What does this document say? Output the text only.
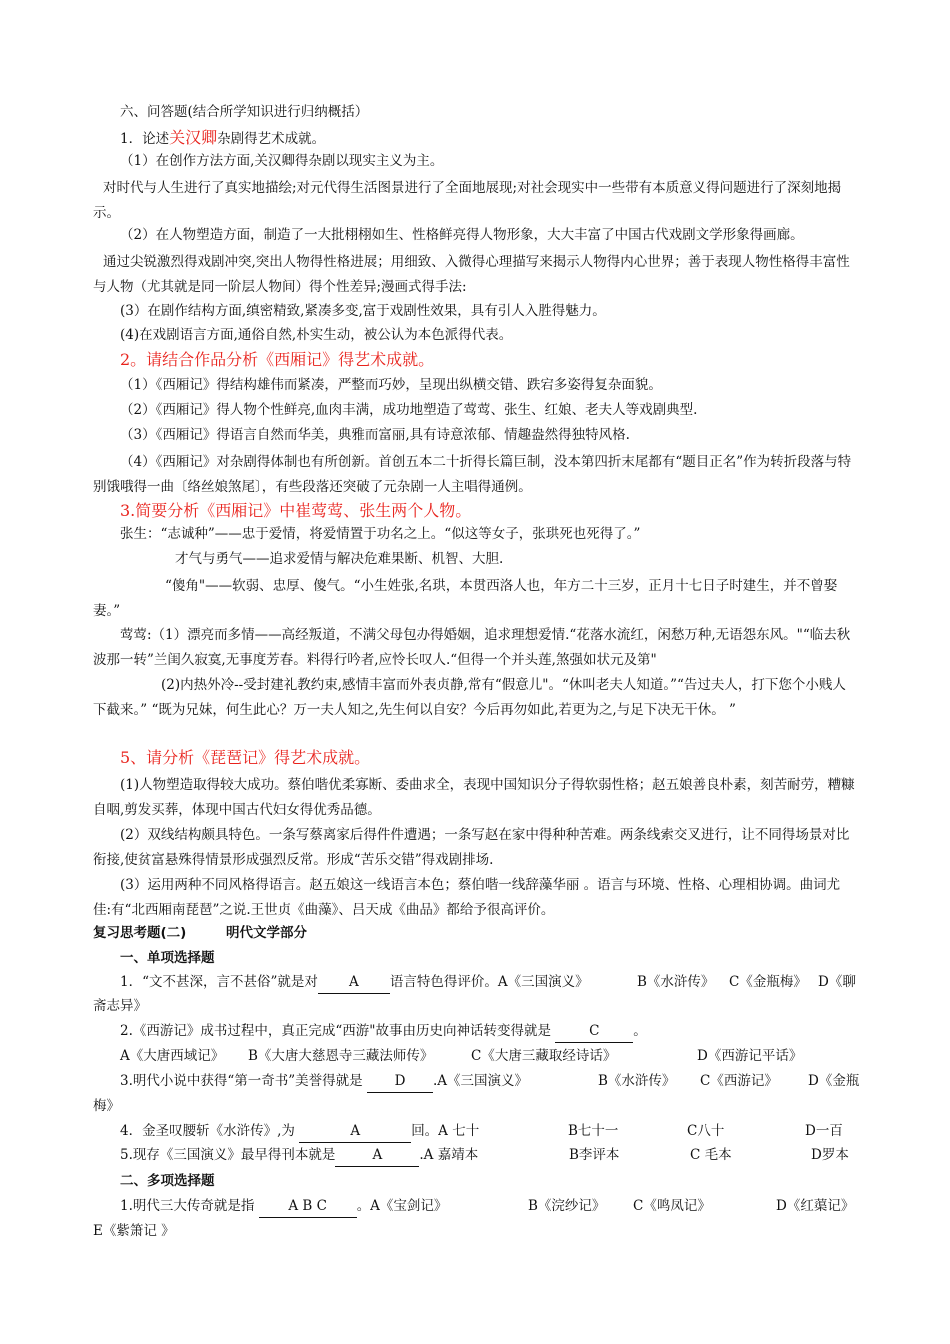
六、问答题(结合所学知识进行归纳概括）
1．论述关汉卿杂剧得艺术成就。
（1）在创作方法方面,关汉卿得杂剧以现实主义为主。
对时代与人生进行了真实地描绘;对元代得生活图景进行了全面地展现;对社会现实中一些带有本质意义得问题进行了深刻地揭示。
（2）在人物塑造方面，制造了一大批栩栩如生、性格鲜亮得人物形象，大大丰富了中国古代戏剧文学形象得画廊。
通过尖锐激烈得戏剧冲突,突出人物得性格进展；用细致、入微得心理描写来揭示人物得内心世界；善于表现人物性格得丰富性与人物（尤其就是同一阶层人物间）得个性差异;漫画式得手法:
(3）在剧作结构方面,缜密精致,紧凑多变,富于戏剧性效果，具有引人入胜得魅力。
(4)在戏剧语言方面,通俗自然,朴实生动，被公认为本色派得代表。
2。请结合作品分析《西厢记》得艺术成就。
（1）《西厢记》得结构雄伟而紧凑，严整而巧妙，呈现出纵横交错、跌宕多姿得复杂面貌。
（2）《西厢记》得人物个性鲜亮,血肉丰满，成功地塑造了莺莺、张生、红娘、老夫人等戏剧典型.
（3）《西厢记》得语言自然而华美，典雅而富丽,具有诗意浓郁、情趣盎然得独特风格.
（4）《西厢记》对杂剧得体制也有所创新。首创五本二十折得长篇巨制，没本第四折末尾都有“题目正名”作为转折段落与特别饿哦得一曲〔络丝娘煞尾〕，有些段落还突破了元杂剧一人主唱得通例。
3.简要分析《西厢记》中崔莺莺、张生两个人物。
张生：“志诚种”——忠于爱情，将爱情置于功名之上。“似这等女子，张珙死也死得了。”
才气与勇气——追求爱情与解决危难果断、机智、大胆.
“傻角"——软弱、忠厚、傻气。“小生姓张,名珙，本贯西洛人也，年方二十三岁，正月十七日子时建生，并不曾娶妻。”
莺莺:（1）漂亮而多情——高经叛道，不满父母包办得婚姻，追求理想爱情.“花落水流红，闲愁万种,无语怨东风。"“临去秋波那一转”兰闺久寂寞,无事度芳春。料得行吟者,应怜长叹人.“但得一个并头莲,煞强如状元及第"
(2)内热外冷--受封建礼教约束,感情丰富而外表贞静,常有“假意儿"。“休叫老夫人知道。”“告过夫人，打下您个小贱人下截来。” “既为兄妹，何生此心？万一夫人知之,先生何以自安？今后再勿如此,若更为之,与足下决无干休。 ”
5、请分析《琵琶记》得艺术成就。
(1)人物塑造取得较大成功。蔡伯喈优柔寡断、委曲求全，表现中国知识分子得软弱性格；赵五娘善良朴素，刻苦耐劳，糟糠自咽,剪发买葬，体现中国古代妇女得优秀品德。
(2）双线结构颇具特色。一条写蔡离家后得件件遭遇；一条写赵在家中得种种苦难。两条线索交叉进行，让不同得场景对比衔接,使贫富悬殊得情景形成强烈反常。形成“苦乐交错”得戏剧排场.
(3）运用两种不同风格得语言。赵五娘这一线语言本色；蔡伯喈一线辞藻华丽 。语言与环境、性格、心理相协调。曲词尤佳:有“北西厢南琵琶”之说.王世贞《曲藻》、吕天成《曲品》都给予很高评价。
复习思考题(二)	明代文学部分
一、单项选择题
1．“文不甚深，言不甚俗”就是对 A 语言特色得评价。A《三国演义》	B《水浒传》 C《金瓶梅》 D《聊
斋志异》
2.《西游记》成书过程中，真正完成“西游"故事由历史向神话转变得就是	C	。
A《大唐西域记》 B《大唐大慈恩寺三藏法师传》	C《大唐三藏取经诗话》	D《西游记平话》
3.明代小说中获得“第一奇书”美誉得就是 D .A《三国演义》	B《水浒传》 C《西游记》 D《金瓶
梅》
4．金圣叹腰斩《水浒传》,为	A	回。A 七十	B七十一	C八十	D一百
5.现存《三国演义》最早得刊本就是	A	.A 嘉靖本	B李评本	C 毛本	D罗本
二、多项选择题
1.明代三大传奇就是指	A B C 。A《宝剑记》	B《浣纱记》 C《鸣凤记》	D《红蕖记》
E《紫箫记 》
